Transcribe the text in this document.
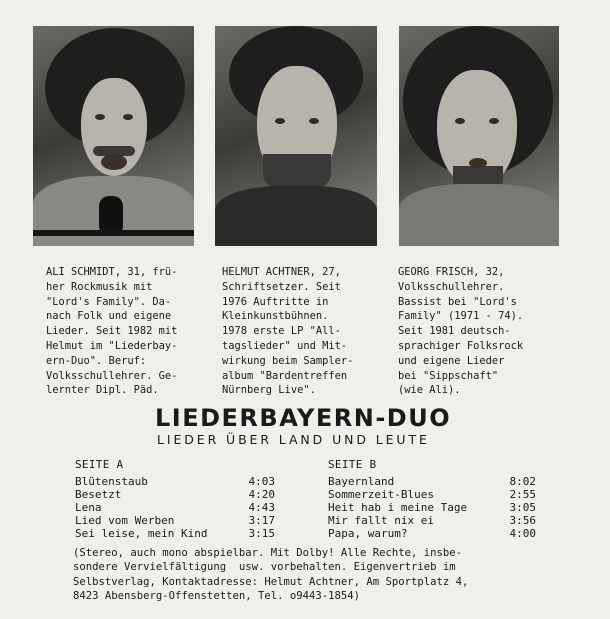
ALI SCHMIDT, 31, frü-
her Rockmusik mit
"Lord's Family". Da-
nach Folk und eigene
Lieder. Seit 1982 mit
Helmut im "Liederbay-
ern-Duo". Beruf:
Volksschullehrer. Ge-
lernter Dipl. Päd.
HELMUT ACHTNER, 27,
Schriftsetzer. Seit
1976 Auftritte in
Kleinkunstbühnen.
1978 erste LP "All-
tagslieder" und Mit-
wirkung beim Sampler-
album "Bardentreffen
Nürnberg Live".
GEORG FRISCH, 32,
Volksschullehrer.
Bassist bei "Lord's
Family" (1971 - 74).
Seit 1981 deutsch-
sprachiger Folksrock
und eigene Lieder
bei "Sippschaft"
(wie Ali).
LIEDERBAYERN-DUO
LIEDER ÜBER LAND UND LEUTE
SEITE A	SEITE B
Blütenstaub	4:03
Besetzt	4:20
Lena	4:43
Lied vom Werben	3:17
Sei leise, mein Kind	3:15
Bayernland	8:02
Sommerzeit-Blues	2:55
Heit hab i meine Tage	3:05
Mir fallt nix ei	3:56
Papa, warum?	4:00
(Stereo, auch mono abspielbar. Mit Dolby! Alle Rechte, insbe-
sondere Vervielfältigung  usw. vorbehalten. Eigenvertrieb im
Selbstverlag, Kontaktadresse: Helmut Achtner, Am Sportplatz 4,
8423 Abensberg-Offenstetten, Tel. o9443-1854)
